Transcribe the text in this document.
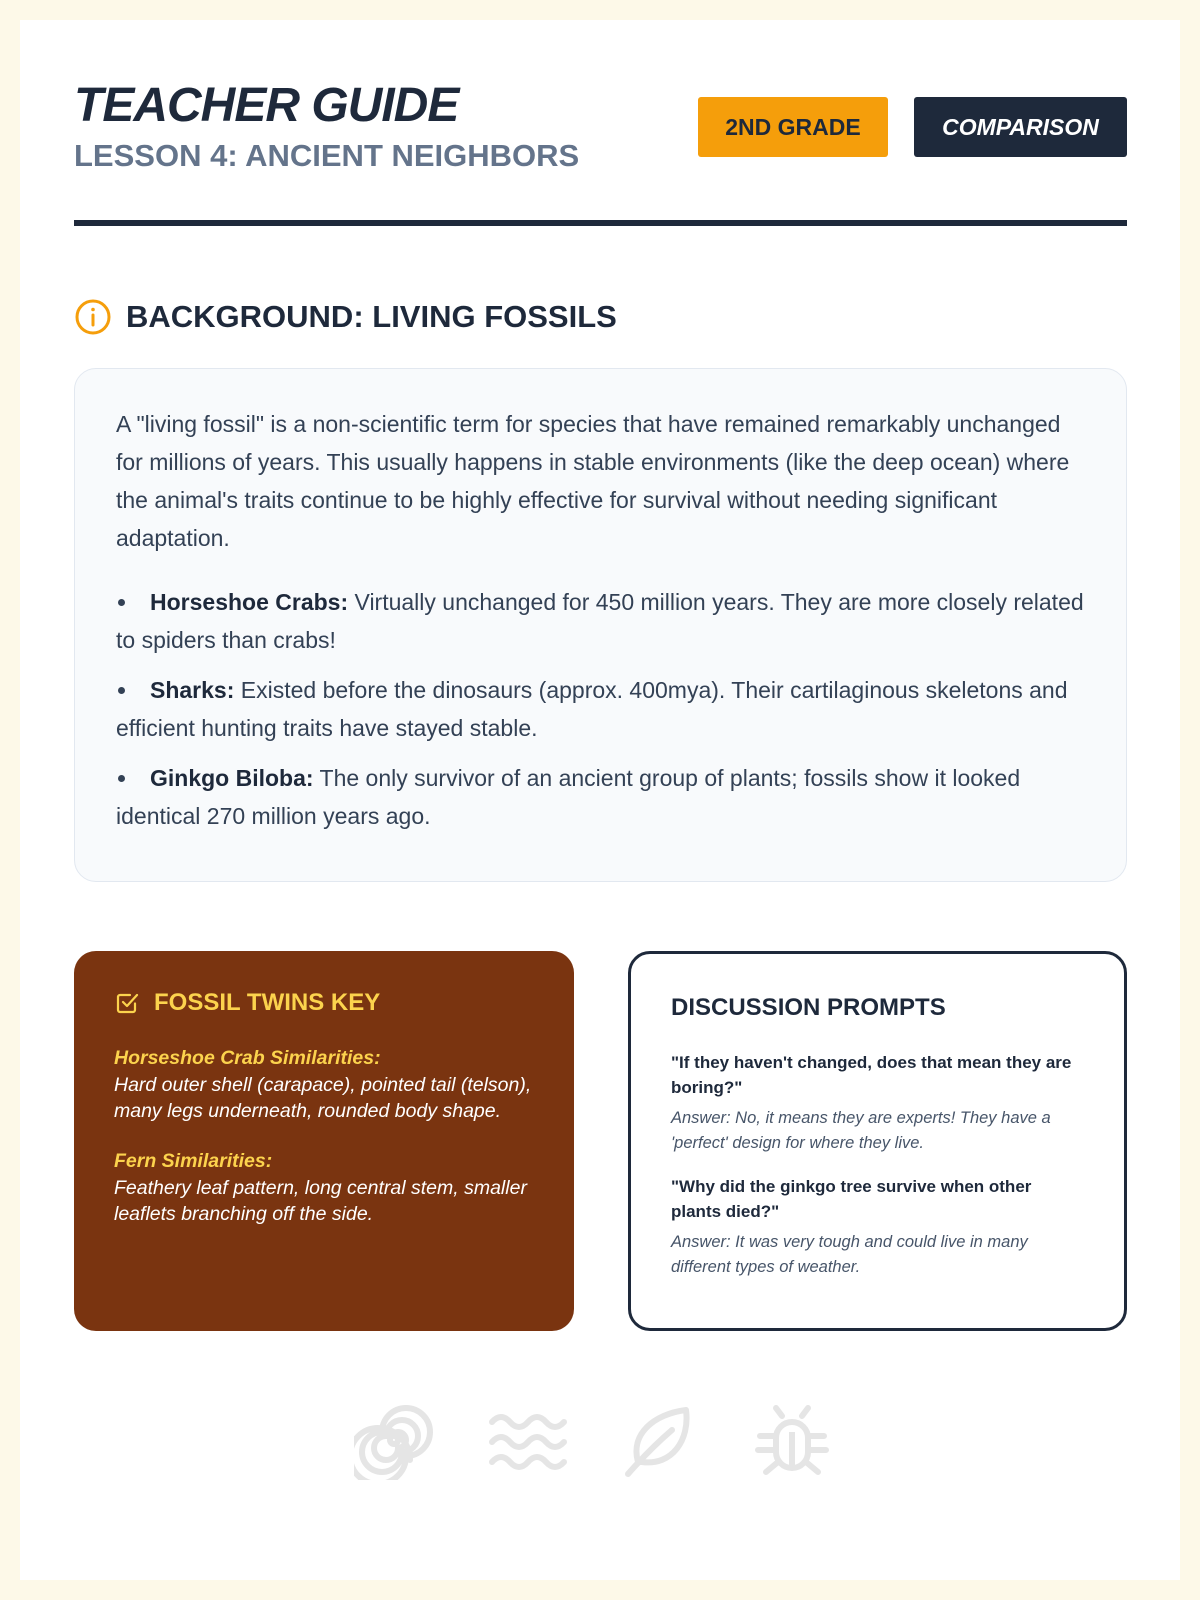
TEACHER GUIDE
LESSON 4: ANCIENT NEIGHBORS
2ND GRADE	COMPARISON
BACKGROUND: LIVING FOSSILS

A "living fossil" is a non-scientific term for species that have remained remarkably unchanged for millions of years. This usually happens in stable environments (like the deep ocean) where the animal's traits continue to be highly effective for survival without needing significant adaptation.

Horseshoe Crabs: Virtually unchanged for 450 million years. They are more closely related to spiders than crabs!
Sharks: Existed before the dinosaurs (approx. 400mya). Their cartilaginous skeletons and efficient hunting traits have stayed stable.
Ginkgo Biloba: The only survivor of an ancient group of plants; fossils show it looked identical 270 million years ago.
FOSSIL TWINS KEY

Horseshoe Crab Similarities:

Hard outer shell (carapace), pointed tail (telson), many legs underneath, rounded body shape.

Fern Similarities:

Feathery leaf pattern, long central stem, smaller leaflets branching off the side.

DISCUSSION PROMPTS

"If they haven't changed, does that mean they are boring?"

Answer: No, it means they are experts! They have a 'perfect' design for where they live.

"Why did the ginkgo tree survive when other plants died?"

Answer: It was very tough and could live in many different types of weather.
